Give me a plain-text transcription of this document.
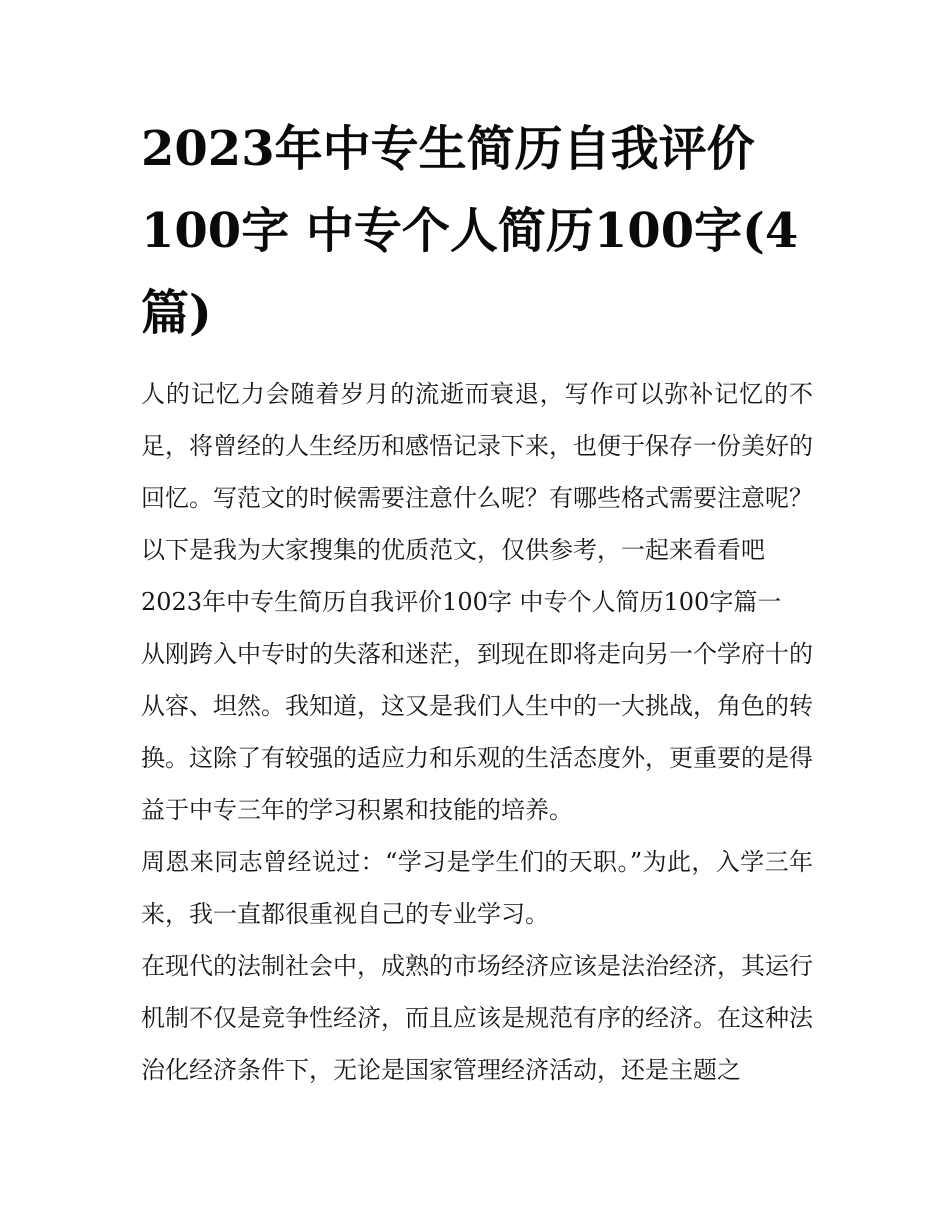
2023年中专生简历自我评价100字 中专个人简历100字(4篇)

人的记忆力会随着岁月的流逝而衰退，写作可以弥补记忆的不足，将曾经的人生经历和感悟记录下来，也便于保存一份美好的回忆。写范文的时候需要注意什么呢？有哪些格式需要注意呢？以下是我为大家搜集的优质范文，仅供参考，一起来看看吧

2023年中专生简历自我评价100字 中专个人简历100字篇一

从刚跨入中专时的失落和迷茫，到现在即将走向另一个学府十的从容、坦然。我知道，这又是我们人生中的一大挑战，角色的转换。这除了有较强的适应力和乐观的生活态度外，更重要的是得益于中专三年的学习积累和技能的培养。

周恩来同志曾经说过：“学习是学生们的天职。”为此，入学三年来，我一直都很重视自己的专业学习。

在现代的法制社会中，成熟的市场经济应该是法治经济，其运行机制不仅是竞争性经济，而且应该是规范有序的经济。在这种法治化经济条件下，无论是国家管理经济活动，还是主题之
